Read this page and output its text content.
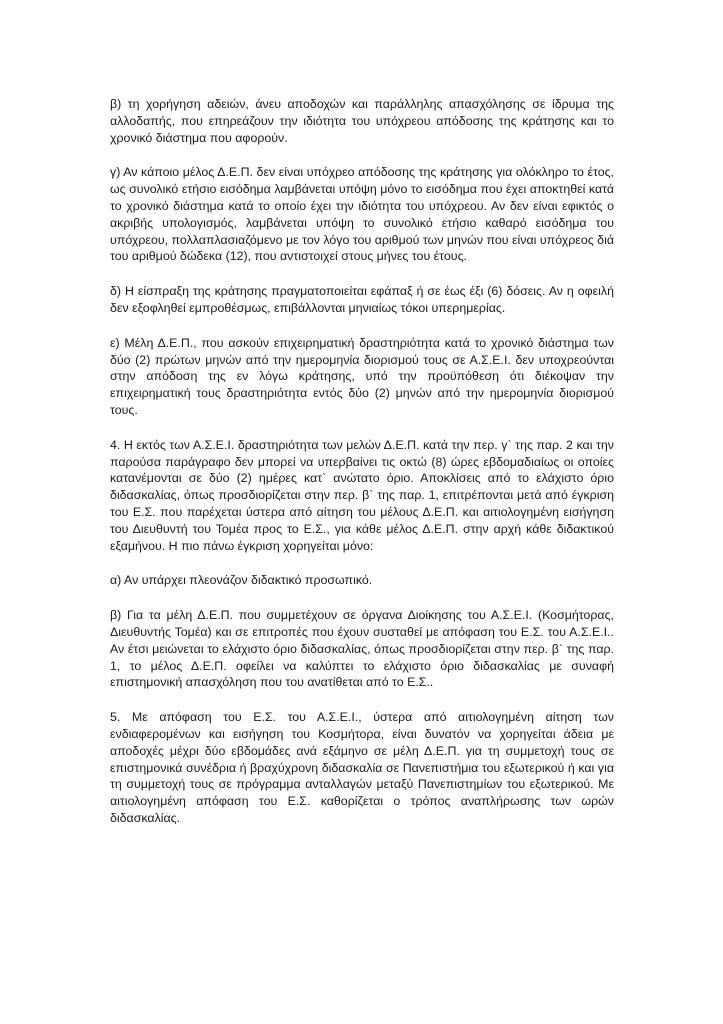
β) τη χορήγηση αδειών, άνευ αποδοχών και παράλληλης απασχόλησης σε ίδρυμα της αλλοδαπής, που επηρεάζουν την ιδιότητα του υπόχρεου απόδοσης της κράτησης και το χρονικό διάστημα που αφορούν.

γ) Αν κάποιο μέλος Δ.Ε.Π. δεν είναι υπόχρεο απόδοσης της κράτησης για ολόκληρο το έτος, ως συνολικό ετήσιο εισόδημα λαμβάνεται υπόψη μόνο το εισόδημα που έχει αποκτηθεί κατά το χρονικό διάστημα κατά το οποίο έχει την ιδιότητα του υπόχρεου. Αν δεν είναι εφικτός ο ακριβής υπολογισμός, λαμβάνεται υπόψη το συνολικό ετήσιο καθαρό εισόδημα του υπόχρεου, πολλαπλασιαζόμενο με τον λόγο του αριθμού των μηνών που είναι υπόχρεος διά του αριθμού δώδεκα (12), που αντιστοιχεί στους μήνες του έτους.

δ) Η είσπραξη της κράτησης πραγματοποιείται εφάπαξ ή σε έως έξι (6) δόσεις. Αν η οφειλή δεν εξοφληθεί εμπροθέσμως, επιβάλλονται μηνιαίως τόκοι υπερημερίας.

ε) Μέλη Δ.Ε.Π., που ασκούν επιχειρηματική δραστηριότητα κατά το χρονικό διάστημα των δύο (2) πρώτων μηνών από την ημερομηνία διορισμού τους σε Α.Σ.Ε.Ι. δεν υποχρεούνται στην απόδοση της εν λόγω κράτησης, υπό την προϋπόθεση ότι διέκοψαν την επιχειρηματική τους δραστηριότητα εντός δύο (2) μηνών από την ημερομηνία διορισμού τους.

4. Η εκτός των Α.Σ.Ε.Ι. δραστηριότητα των μελών Δ.Ε.Π. κατά την περ. γ` της παρ. 2 και την παρούσα παράγραφο δεν μπορεί να υπερβαίνει τις οκτώ (8) ώρες εβδομαδιαίως οι οποίες κατανέμονται σε δύο (2) ημέρες κατ` ανώτατο όριο. Αποκλίσεις από το ελάχιστο όριο διδασκαλίας, όπως προσδιορίζεται στην περ. β` της παρ. 1, επιτρέπονται μετά από έγκριση του Ε.Σ. που παρέχεται ύστερα από αίτηση του μέλους Δ.Ε.Π. και αιτιολογημένη εισήγηση του Διευθυντή του Τομέα προς το Ε.Σ., για κάθε μέλος Δ.Ε.Π. στην αρχή κάθε διδακτικού εξαμήνου. Η πιο πάνω έγκριση χορηγείται μόνο:

α) Αν υπάρχει πλεονάζον διδακτικό προσωπικό.

β) Για τα μέλη Δ.Ε.Π. που συμμετέχουν σε όργανα Διοίκησης του Α.Σ.Ε.Ι. (Κοσμήτορας, Διευθυντής Τομέα) και σε επιτροπές που έχουν συσταθεί με απόφαση του Ε.Σ. του Α.Σ.Ε.Ι.. Αν έτσι μειώνεται το ελάχιστο όριο διδασκαλίας, όπως προσδιορίζεται στην περ. β` της παρ. 1, το μέλος Δ.Ε.Π. οφείλει να καλύπτει το ελάχιστο όριο διδασκαλίας με συναφή επιστημονική απασχόληση που του ανατίθεται από το Ε.Σ..

5. Με απόφαση του Ε.Σ. του Α.Σ.Ε.Ι., ύστερα από αιτιολογημένη αίτηση των ενδιαφερομένων και εισήγηση του Κοσμήτορα, είναι δυνατόν να χορηγείται άδεια με αποδοχές μέχρι δύο εβδομάδες ανά εξάμηνο σε μέλη Δ.Ε.Π. για τη συμμετοχή τους σε επιστημονικά συνέδρια ή βραχύχρονη διδασκαλία σε Πανεπιστήμια του εξωτερικού ή και για τη συμμετοχή τους σε πρόγραμμα ανταλλαγών μεταξύ Πανεπιστημίων του εξωτερικού. Με αιτιολογημένη απόφαση του Ε.Σ. καθορίζεται ο τρόπος αναπλήρωσης των ωρών διδασκαλίας.
